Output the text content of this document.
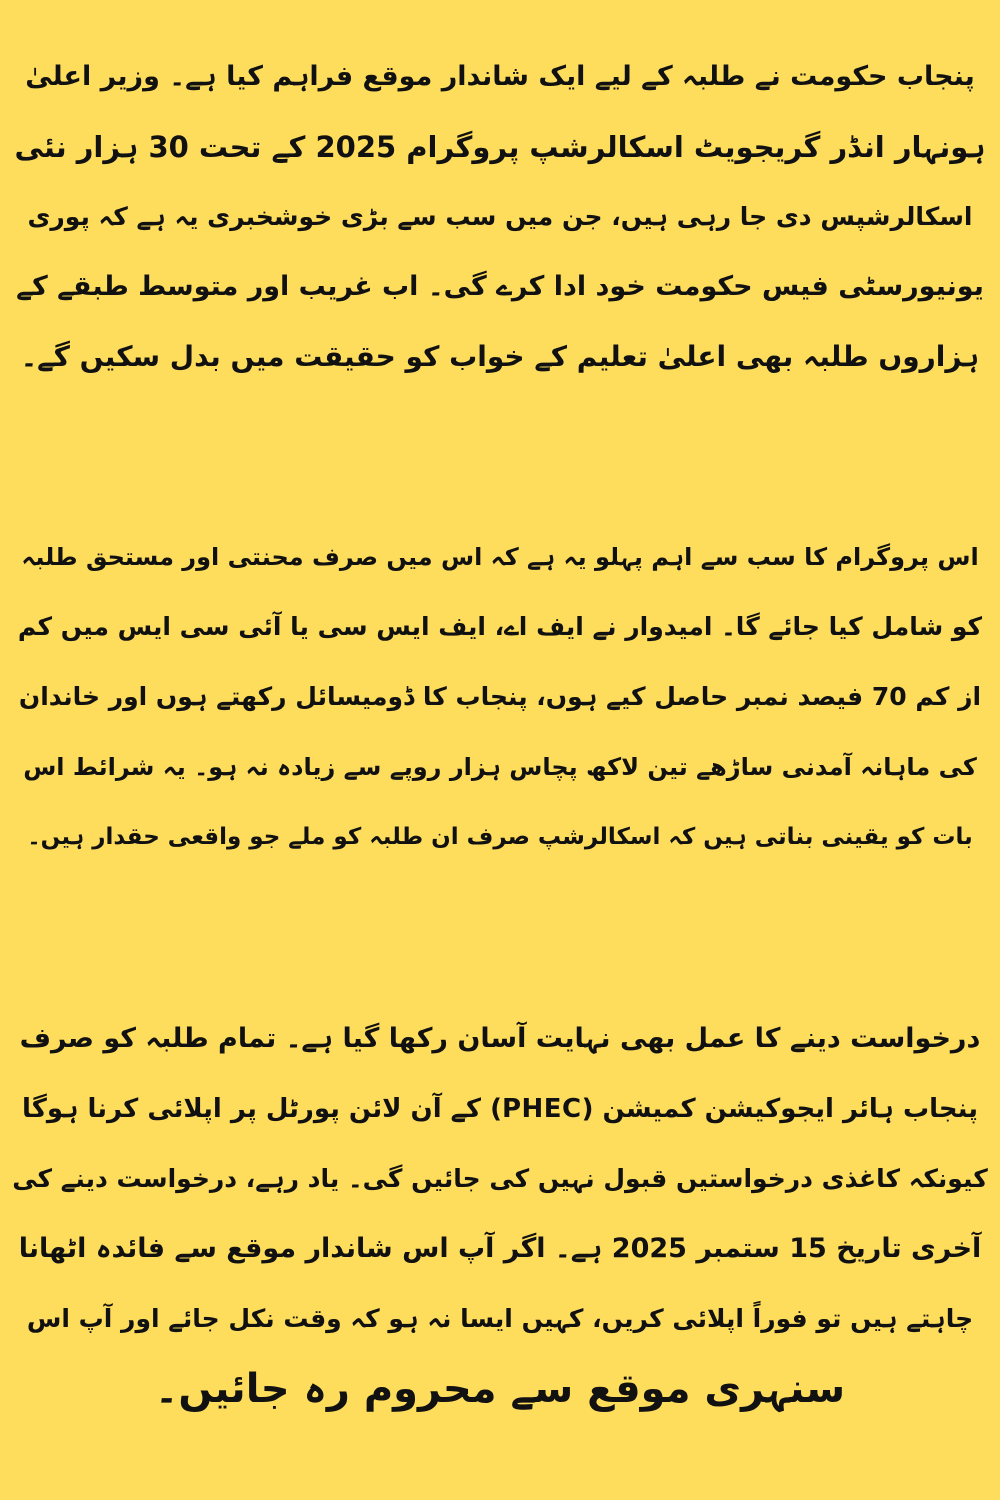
پنجاب حکومت نے طلبہ کے لیے ایک شاندار موقع فراہم کیا ہے۔ وزیر اعلیٰ
ہونہار انڈر گریجویٹ اسکالرشپ پروگرام 2025 کے تحت 30 ہزار نئی
اسکالرشپس دی جا رہی ہیں، جن میں سب سے بڑی خوشخبری یہ ہے کہ پوری
یونیورسٹی فیس حکومت خود ادا کرے گی۔ اب غریب اور متوسط طبقے کے
ہزاروں طلبہ بھی اعلیٰ تعلیم کے خواب کو حقیقت میں بدل سکیں گے۔
اس پروگرام کا سب سے اہم پہلو یہ ہے کہ اس میں صرف محنتی اور مستحق طلبہ
کو شامل کیا جائے گا۔ امیدوار نے ایف اے، ایف ایس سی یا آئی سی ایس میں کم
از کم 70 فیصد نمبر حاصل کیے ہوں، پنجاب کا ڈومیسائل رکھتے ہوں اور خاندان
کی ماہانہ آمدنی ساڑھے تین لاکھ پچاس ہزار روپے سے زیادہ نہ ہو۔ یہ شرائط اس
بات کو یقینی بناتی ہیں کہ اسکالرشپ صرف ان طلبہ کو ملے جو واقعی حقدار ہیں۔
درخواست دینے کا عمل بھی نہایت آسان رکھا گیا ہے۔ تمام طلبہ کو صرف
پنجاب ہائر ایجوکیشن کمیشن (PHEC) کے آن لائن پورٹل پر اپلائی کرنا ہوگا
کیونکہ کاغذی درخواستیں قبول نہیں کی جائیں گی۔ یاد رہے، درخواست دینے کی
آخری تاریخ 15 ستمبر 2025 ہے۔ اگر آپ اس شاندار موقع سے فائدہ اٹھانا
چاہتے ہیں تو فوراً اپلائی کریں، کہیں ایسا نہ ہو کہ وقت نکل جائے اور آپ اس
سنہری موقع سے محروم رہ جائیں۔
